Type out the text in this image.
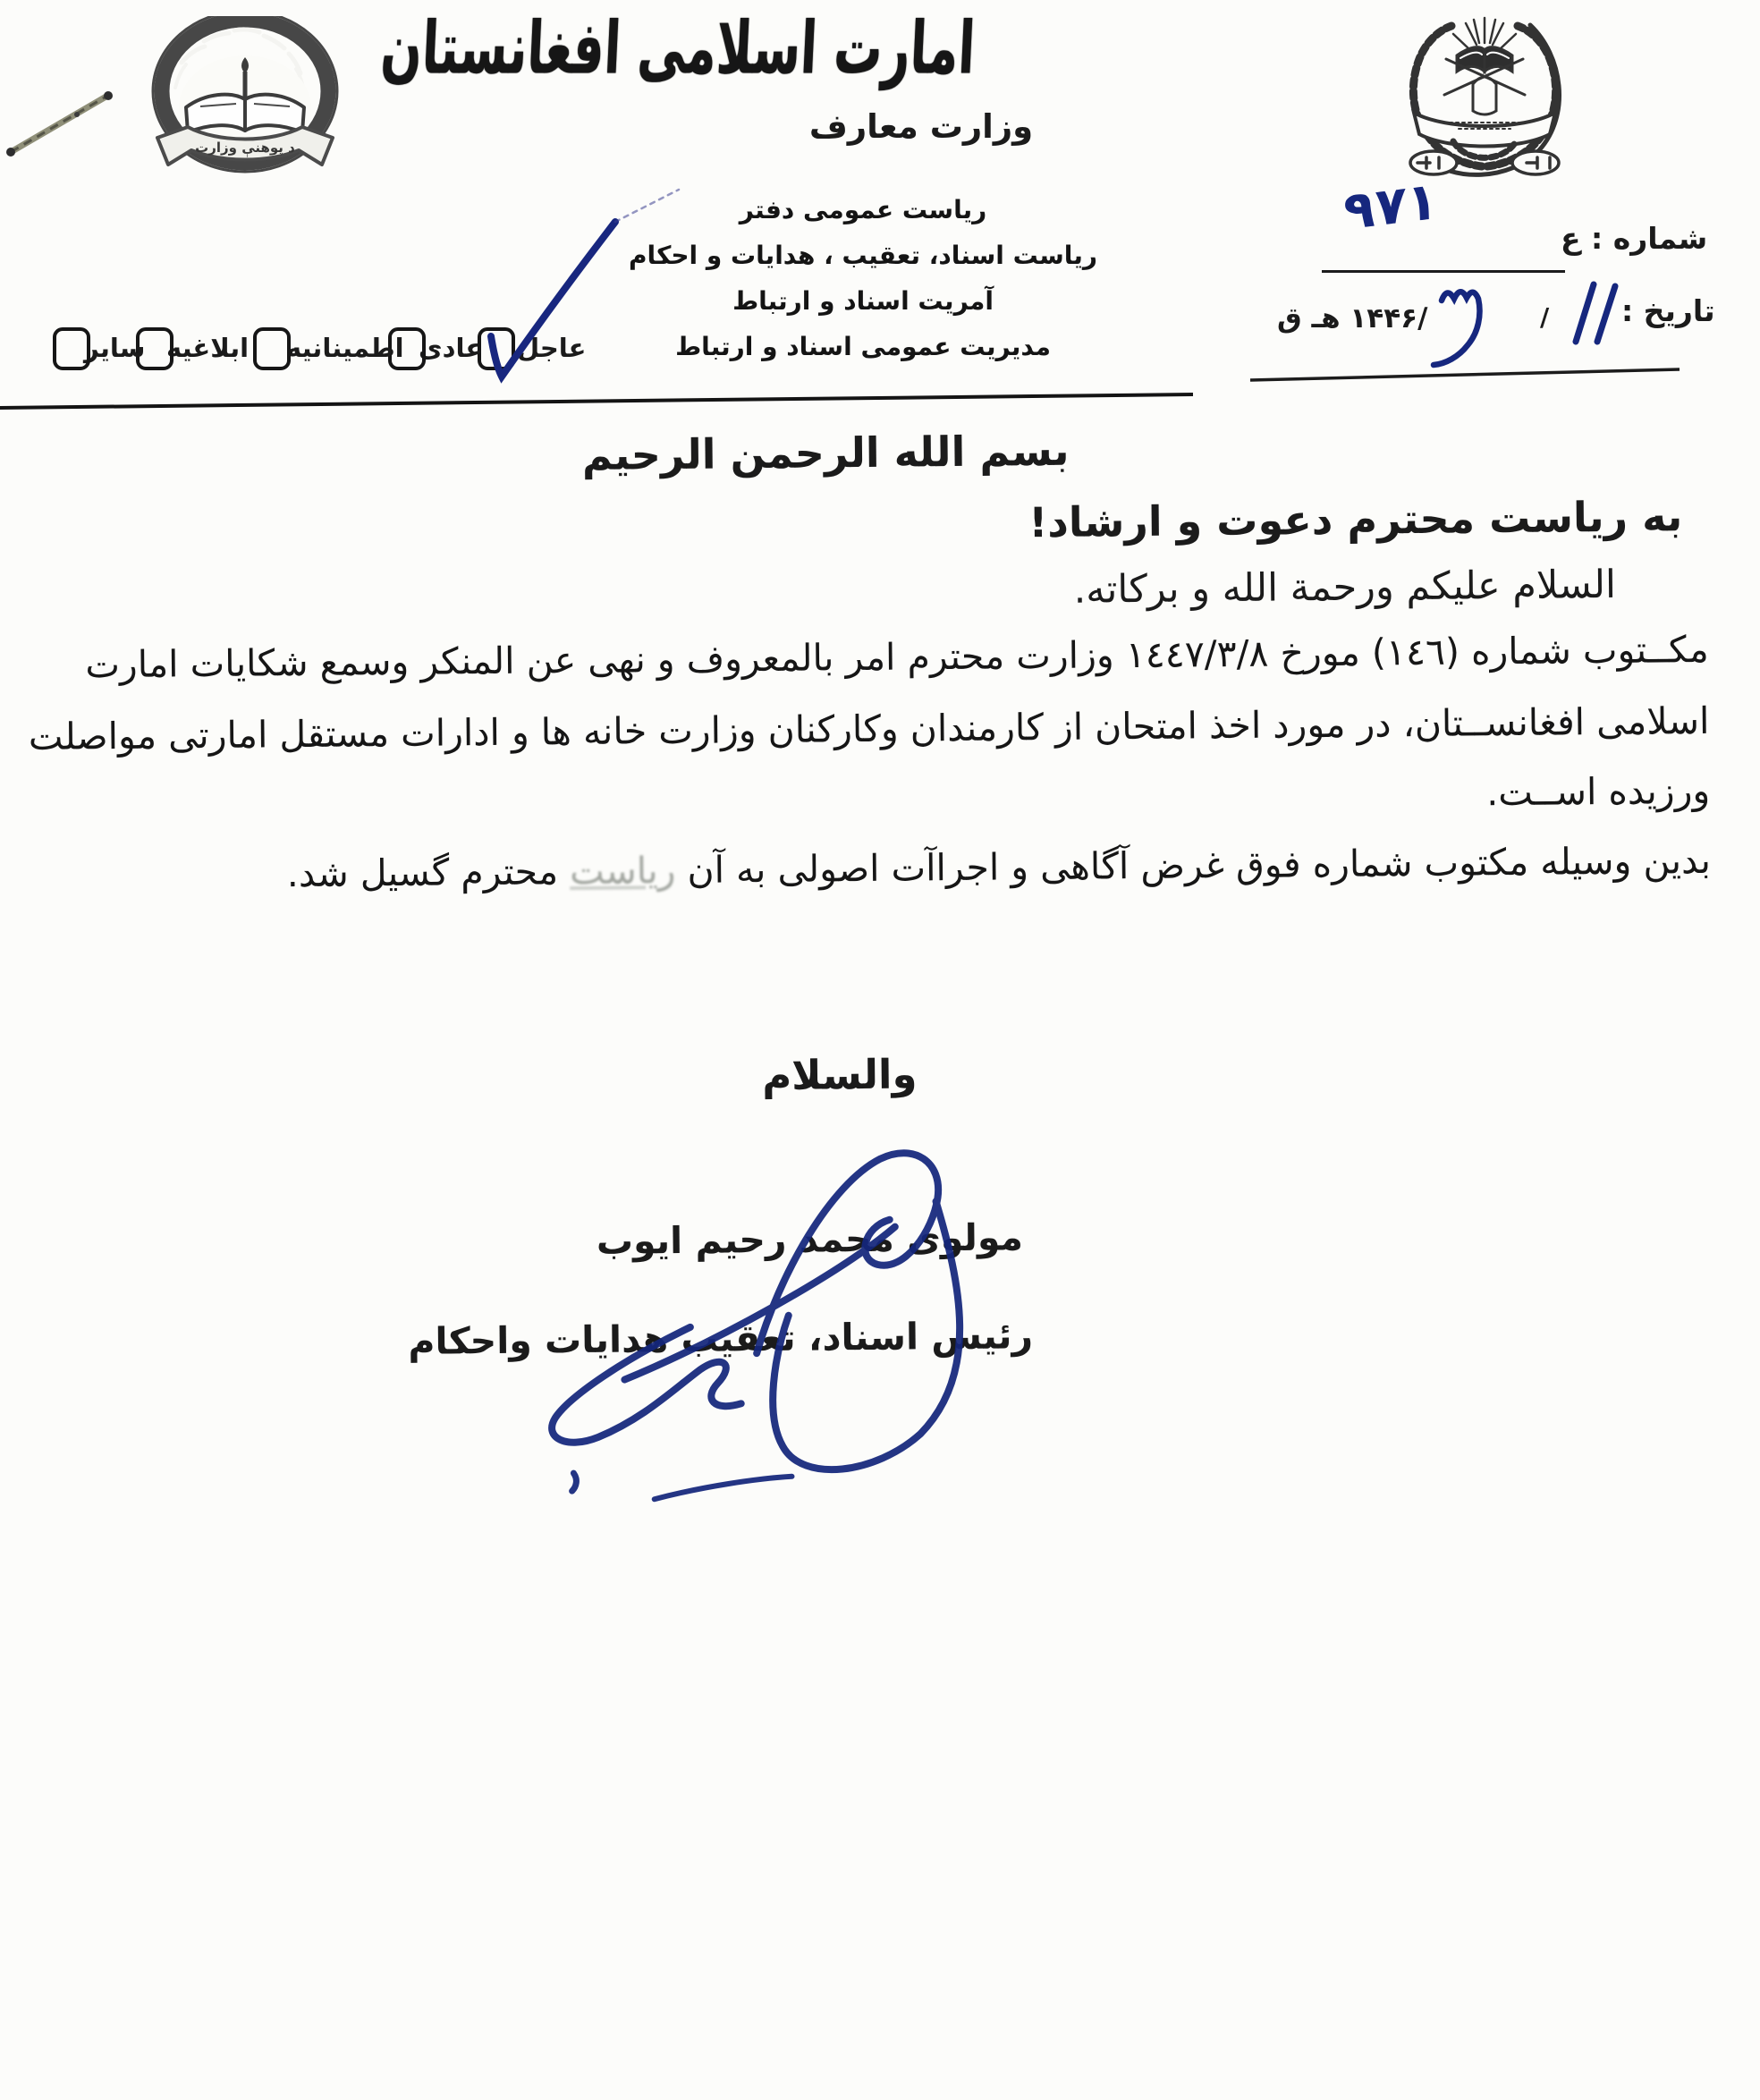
د پوهنې وزارت
امارت اسلامی افغانستان
وزارت معارف
ریاست عمومی دفتر
ریاست اسناد، تعقیب ، هدایات و احکام
آمریت اسناد و ارتباط
مدیریت عمومی اسناد و ارتباط
شماره : ع
٩٧١
تاریخ :
/
/۱۴۴۶ هـ ق
عاجل
عادی
اطمینانیه
ابلاغیه
سایر
بسم الله الرحمن الرحیم
به ریاست محترم دعوت و ارشاد!
السلام علیکم ورحمة الله و برکاته.
مکــتوب شماره (١٤٦) مورخ ١٤٤٧/٣/٨ وزارت محترم امر بالمعروف و نهی عن المنکر وسمع شکایات امارت
اسلامی افغانســتان، در مورد اخذ امتحان از کارمندان وکارکنان وزارت خانه ها و ادارات مستقل امارتی مواصلت
ورزیده اســت.
بدین وسیله مکتوب شماره فوق غرض آگاهی و اجراآت اصولی به آن ریاست محترم گسیل شد.
والسلام
مولوی محمد رحیم ایوب
رئیس اسناد، تعقیب هدایات واحکام
